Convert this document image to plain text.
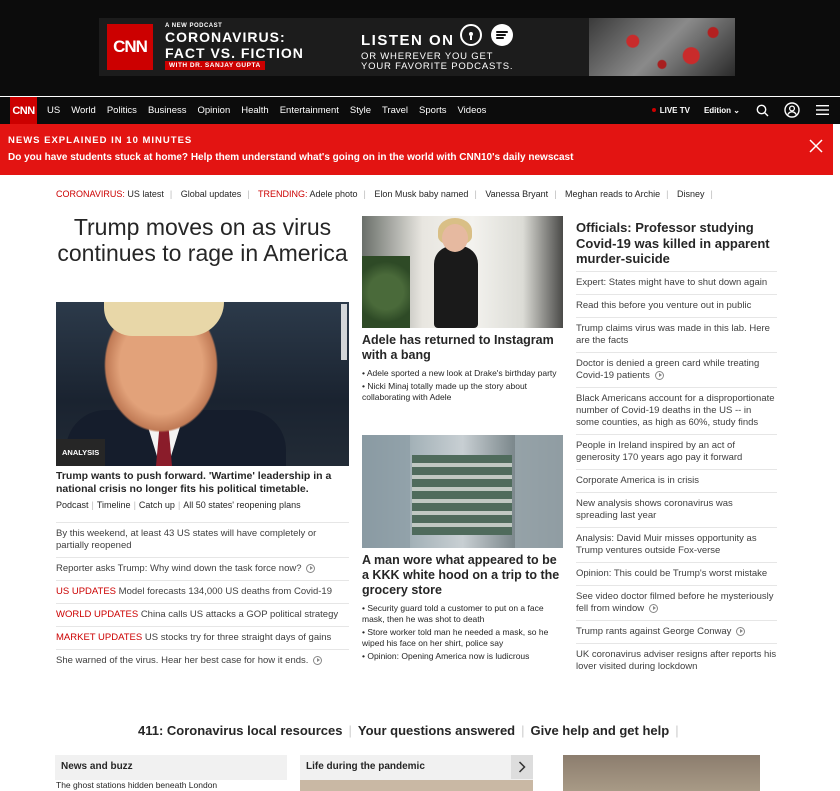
CNN
A NEW PODCAST
CORONAVIRUS:
FACT VS. FICTION
WITH DR. SANJAY GUPTA
LISTEN ON
OR WHEREVER YOU GET
YOUR FAVORITE PODCASTS.
CNN US World Politics Business Opinion Health Entertainment Style Travel Sports Videos	LIVE TV Edition ⌄
NEWS EXPLAINED IN 10 MINUTES
Do you have students stuck at home? Help them understand what's going on in the world with CNN10's daily newscast
CORONAVIRUS: US latest | Global updates | TRENDING: Adele photo | Elon Musk baby named | Vanessa Bryant | Meghan reads to Archie | Disney |
Trump moves on as virus continues to rage in America
ANALYSIS
Trump wants to push forward. 'Wartime' leadership in a national crisis no longer fits his political timetable.
Podcast | Timeline | Catch up | All 50 states' reopening plans
By this weekend, at least 43 US states will have completely or partially reopened
Reporter asks Trump: Why wind down the task force now?
US UPDATES Model forecasts 134,000 US deaths from Covid-19
WORLD UPDATES China calls US attacks a GOP political strategy
MARKET UPDATES US stocks try for three straight days of gains
She warned of the virus. Hear her best case for how it ends.
Adele has returned to Instagram with a bang
• Adele sported a new look at Drake's birthday party
• Nicki Minaj totally made up the story about collaborating with Adele
A man wore what appeared to be a KKK white hood on a trip to the grocery store
• Security guard told a customer to put on a face mask, then he was shot to death
• Store worker told man he needed a mask, so he wiped his face on her shirt, police say
• Opinion: Opening America now is ludicrous
Officials: Professor studying Covid-19 was killed in apparent murder-suicide
Expert: States might have to shut down again
Read this before you venture out in public
Trump claims virus was made in this lab. Here are the facts
Doctor is denied a green card while treating Covid-19 patients
Black Americans account for a disproportionate number of Covid-19 deaths in the US -- in some counties, as high as 60%, study finds
People in Ireland inspired by an act of generosity 170 years ago pay it forward
Corporate America is in crisis
New analysis shows coronavirus was spreading last year
Analysis: David Muir misses opportunity as Trump ventures outside Fox-verse
Opinion: This could be Trump's worst mistake
See video doctor filmed before he mysteriously fell from window
Trump rants against George Conway
UK coronavirus adviser resigns after reports his lover visited during lockdown
411: Coronavirus local resources | Your questions answered | Give help and get help |
News and buzz
The ghost stations hidden beneath London
Life during the pandemic
